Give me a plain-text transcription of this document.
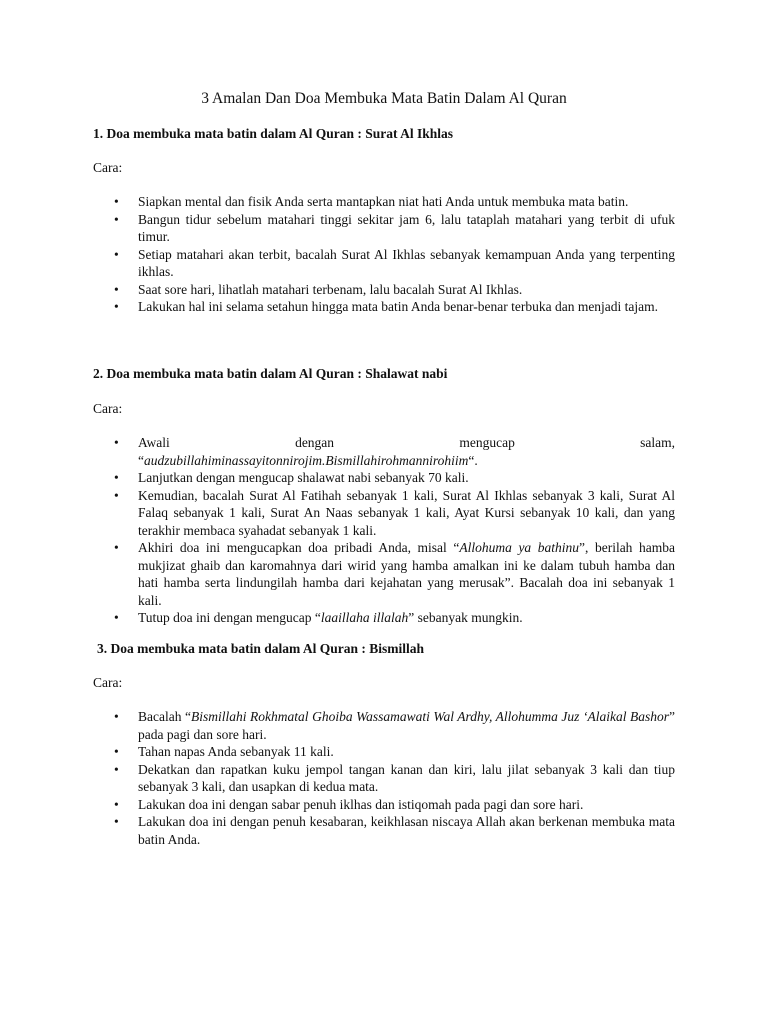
3 Amalan Dan Doa Membuka Mata Batin Dalam Al Quran
1. Doa membuka mata batin dalam Al Quran : Surat Al Ikhlas
Cara:
• Siapkan mental dan fisik Anda serta mantapkan niat hati Anda untuk membuka mata batin.
• Bangun tidur sebelum matahari tinggi sekitar jam 6, lalu tataplah matahari yang terbit di ufuk timur.
• Setiap matahari akan terbit, bacalah Surat Al Ikhlas sebanyak kemampuan Anda yang terpenting ikhlas.
• Saat sore hari, lihatlah matahari terbenam, lalu bacalah Surat Al Ikhlas.
• Lakukan hal ini selama setahun hingga mata batin Anda benar-benar terbuka dan menjadi tajam.
2. Doa membuka mata batin dalam Al Quran : Shalawat nabi
Cara:
• Awali	dengan	mengucap	salam,
“audzubillahiminassayitonnirojim.Bismillahirohmannirohiim“.
• Lanjutkan dengan mengucap shalawat nabi sebanyak 70 kali.
• Kemudian, bacalah Surat Al Fatihah sebanyak 1 kali, Surat Al Ikhlas sebanyak 3 kali, Surat Al Falaq sebanyak 1 kali, Surat An Naas sebanyak 1 kali, Ayat Kursi sebanyak 10 kali, dan yang terakhir membaca syahadat sebanyak 1 kali.
• Akhiri doa ini mengucapkan doa pribadi Anda, misal “Allohuma ya bathinu”, berilah hamba mukjizat ghaib dan karomahnya dari wirid yang hamba amalkan ini ke dalam tubuh hamba dan hati hamba serta lindungilah hamba dari kejahatan yang merusak”. Bacalah doa ini sebanyak 1 kali.
• Tutup doa ini dengan mengucap “laaillaha illalah” sebanyak mungkin.
3. Doa membuka mata batin dalam Al Quran : Bismillah
Cara:
• Bacalah “Bismillahi Rokhmatal Ghoiba Wassamawati Wal Ardhy, Allohumma Juz ‘Alaikal Bashor” pada pagi dan sore hari.
• Tahan napas Anda sebanyak 11 kali.
• Dekatkan dan rapatkan kuku jempol tangan kanan dan kiri, lalu jilat sebanyak 3 kali dan tiup sebanyak 3 kali, dan usapkan di kedua mata.
• Lakukan doa ini dengan sabar penuh iklhas dan istiqomah pada pagi dan sore hari.
• Lakukan doa ini dengan penuh kesabaran, keikhlasan niscaya Allah akan berkenan membuka mata batin Anda.
